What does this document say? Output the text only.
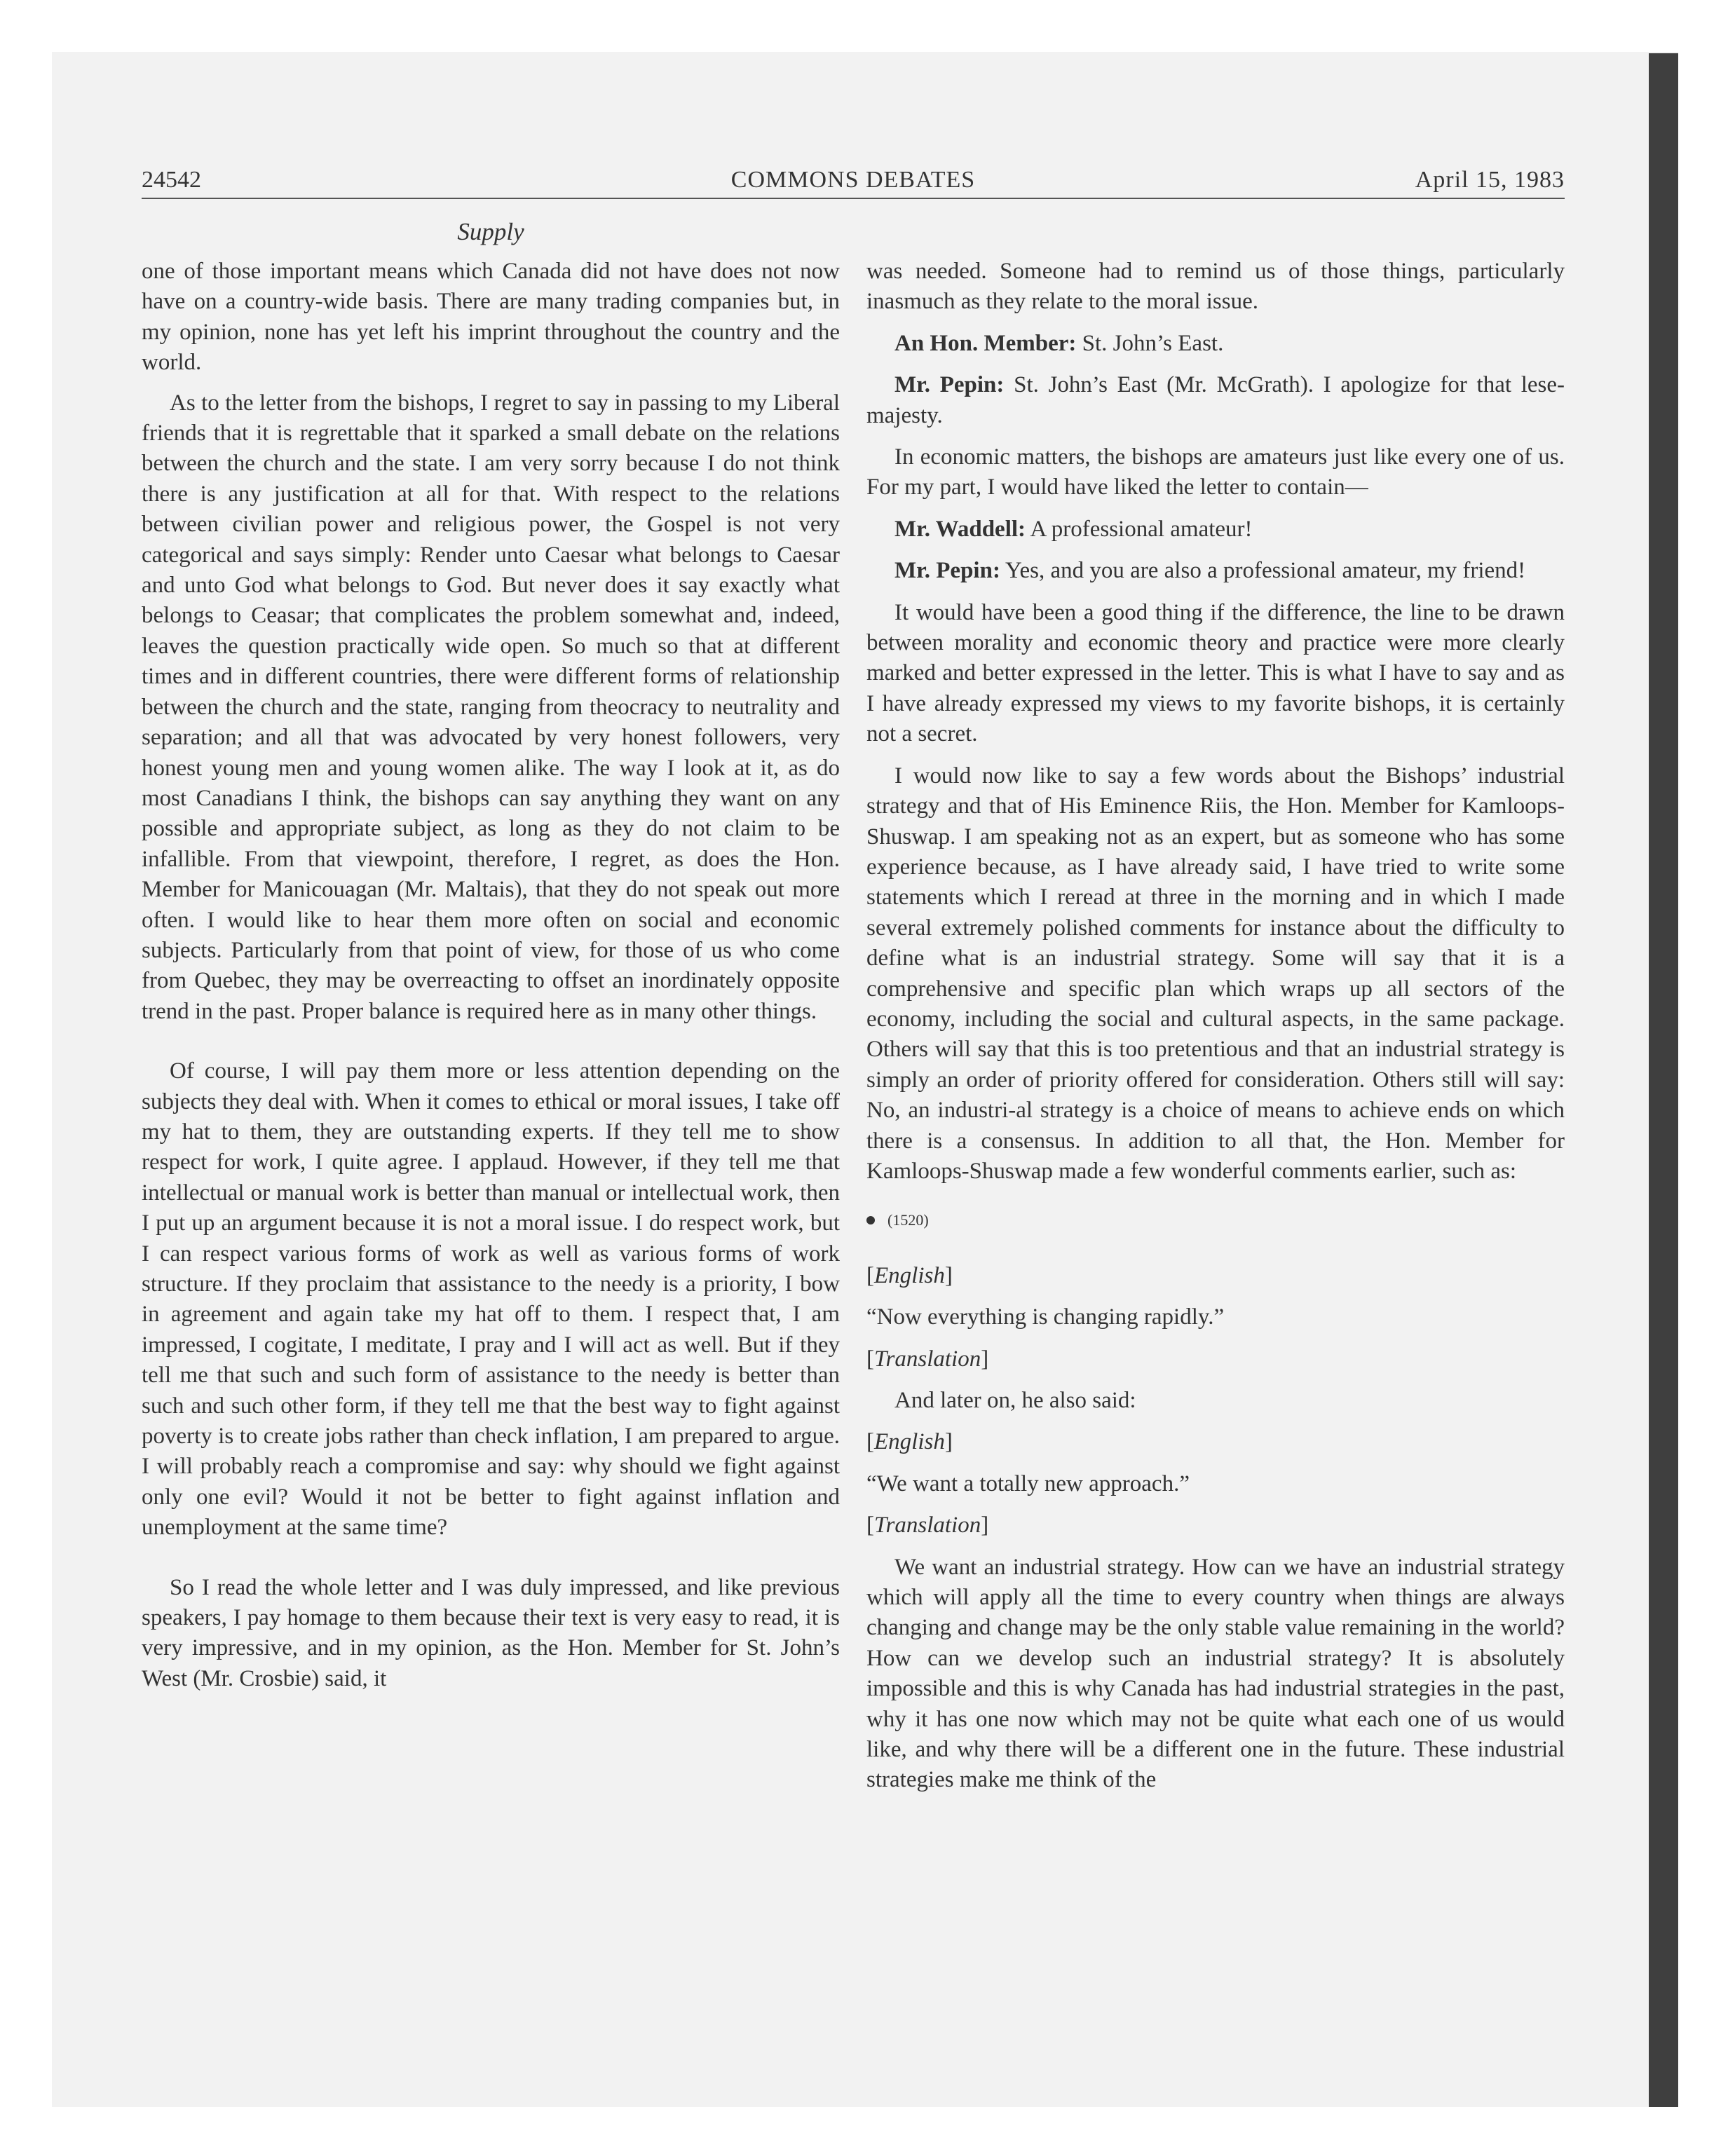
24542	COMMONS DEBATES	April 15, 1983
Supply

one of those important means which Canada did not have does not now have on a country-wide basis. There are many trading companies but, in my opinion, none has yet left his imprint throughout the country and the world.

As to the letter from the bishops, I regret to say in passing to my Liberal friends that it is regrettable that it sparked a small debate on the relations between the church and the state. I am very sorry because I do not think there is any justification at all for that. With respect to the relations between civilian power and religious power, the Gospel is not very categorical and says simply: Render unto Caesar what belongs to Caesar and unto God what belongs to God. But never does it say exactly what belongs to Ceasar; that complicates the problem somewhat and, indeed, leaves the question practically wide open. So much so that at different times and in different countries, there were different forms of relationship between the church and the state, ranging from theocracy to neutrality and separation; and all that was advocated by very honest followers, very honest young men and young women alike. The way I look at it, as do most Canadians I think, the bishops can say anything they want on any possible and appropriate subject, as long as they do not claim to be infallible. From that viewpoint, therefore, I regret, as does the Hon. Member for Manicouagan (Mr. Maltais), that they do not speak out more often. I would like to hear them more often on social and economic subjects. Particularly from that point of view, for those of us who come from Quebec, they may be overreacting to offset an inordinately opposite trend in the past. Proper balance is required here as in many other things.

Of course, I will pay them more or less attention depending on the subjects they deal with. When it comes to ethical or moral issues, I take off my hat to them, they are outstanding experts. If they tell me to show respect for work, I quite agree. I applaud. However, if they tell me that intellectual or manual work is better than manual or intellectual work, then I put up an argument because it is not a moral issue. I do respect work, but I can respect various forms of work as well as various forms of work structure. If they proclaim that assistance to the needy is a priority, I bow in agreement and again take my hat off to them. I respect that, I am impressed, I cogitate, I meditate, I pray and I will act as well. But if they tell me that such and such form of assistance to the needy is better than such and such other form, if they tell me that the best way to fight against poverty is to create jobs rather than check inflation, I am prepared to argue. I will probably reach a compromise and say: why should we fight against only one evil? Would it not be better to fight against inflation and unemployment at the same time?

So I read the whole letter and I was duly impressed, and like previous speakers, I pay homage to them because their text is very easy to read, it is very impressive, and in my opinion, as the Hon. Member for St. John’s West (Mr. Crosbie) said, it

was needed. Someone had to remind us of those things, particularly inasmuch as they relate to the moral issue.

An Hon. Member: St. John’s East.

Mr. Pepin: St. John’s East (Mr. McGrath). I apologize for that lese-majesty.

In economic matters, the bishops are amateurs just like every one of us. For my part, I would have liked the letter to contain—

Mr. Waddell: A professional amateur!

Mr. Pepin: Yes, and you are also a professional amateur, my friend!

It would have been a good thing if the difference, the line to be drawn between morality and economic theory and practice were more clearly marked and better expressed in the letter. This is what I have to say and as I have already expressed my views to my favorite bishops, it is certainly not a secret.

I would now like to say a few words about the Bishops’ industrial strategy and that of His Eminence Riis, the Hon. Member for Kamloops-Shuswap. I am speaking not as an expert, but as someone who has some experience because, as I have already said, I have tried to write some statements which I reread at three in the morning and in which I made several extremely polished comments for instance about the difficulty to define what is an industrial strategy. Some will say that it is a comprehensive and specific plan which wraps up all sectors of the economy, including the social and cultural aspects, in the same package. Others will say that this is too pretentious and that an industrial strategy is simply an order of priority offered for consideration. Others still will say: No, an industri-al strategy is a choice of means to achieve ends on which there is a consensus. In addition to all that, the Hon. Member for Kamloops-Shuswap made a few wonderful comments earlier, such as:

(1520)

[English]

“Now everything is changing rapidly.”

[Translation]

And later on, he also said:

[English]

“We want a totally new approach.”

[Translation]

We want an industrial strategy. How can we have an industrial strategy which will apply all the time to every country when things are always changing and change may be the only stable value remaining in the world? How can we develop such an industrial strategy? It is absolutely impossible and this is why Canada has had industrial strategies in the past, why it has one now which may not be quite what each one of us would like, and why there will be a different one in the future. These industrial strategies make me think of the
